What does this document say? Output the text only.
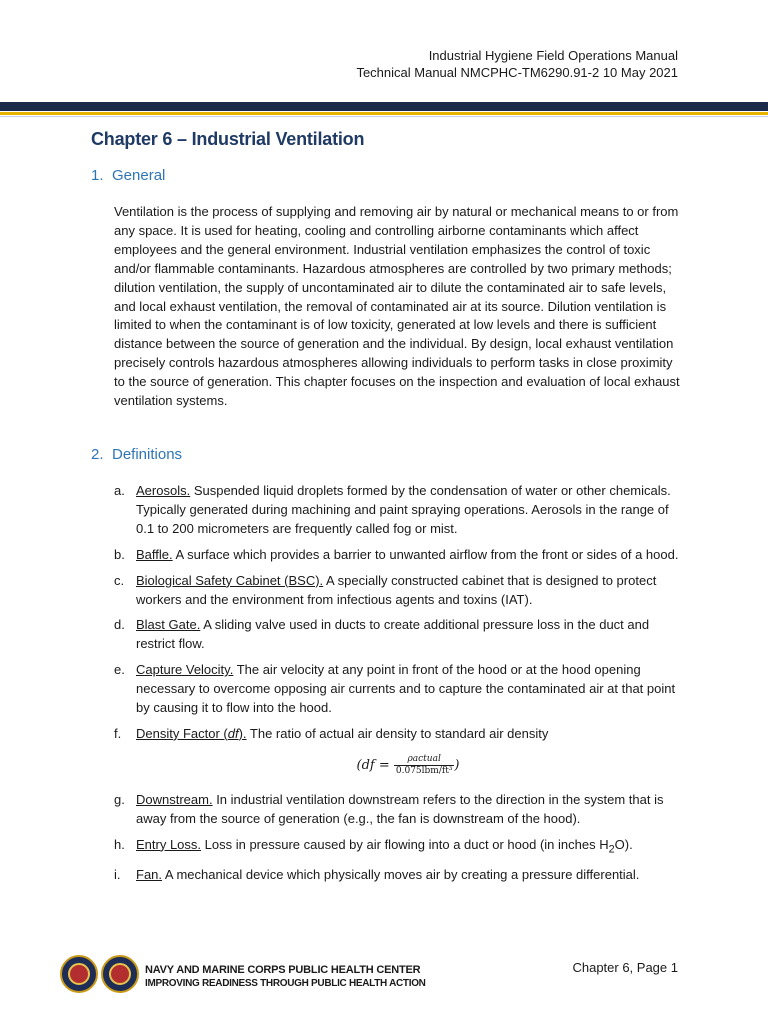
Industrial Hygiene Field Operations Manual
Technical Manual NMCPHC-TM6290.91-2 10 May 2021
Chapter 6 – Industrial Ventilation
1. General

Ventilation is the process of supplying and removing air by natural or mechanical means to or from any space. It is used for heating, cooling and controlling airborne contaminants which affect employees and the general environment. Industrial ventilation emphasizes the control of toxic and/or flammable contaminants. Hazardous atmospheres are controlled by two primary methods; dilution ventilation, the supply of uncontaminated air to dilute the contaminated air to safe levels, and local exhaust ventilation, the removal of contaminated air at its source. Dilution ventilation is limited to when the contaminant is of low toxicity, generated at low levels and there is sufficient distance between the source of generation and the individual. By design, local exhaust ventilation precisely controls hazardous atmospheres allowing individuals to perform tasks in close proximity to the source of generation. This chapter focuses on the inspection and evaluation of local exhaust ventilation systems.

2. Definitions
a. Aerosols. Suspended liquid droplets formed by the condensation of water or other chemicals. Typically generated during machining and paint spraying operations. Aerosols in the range of 0.1 to 200 micrometers are frequently called fog or mist.
b. Baffle. A surface which provides a barrier to unwanted airflow from the front or sides of a hood.
c. Biological Safety Cabinet (BSC). A specially constructed cabinet that is designed to protect workers and the environment from infectious agents and toxins (IAT).
d. Blast Gate. A sliding valve used in ducts to create additional pressure loss in the duct and restrict flow.
e. Capture Velocity. The air velocity at any point in front of the hood or at the hood opening necessary to overcome opposing air currents and to capture the contaminated air at that point by causing it to flow into the hood.
f. Density Factor (df). The ratio of actual air density to standard air density
($df = \frac{\text{ρactual}}{\text{0.075lbm/ft³}}$ )
g. Downstream. In industrial ventilation downstream refers to the direction in the system that is away from the source of generation (e.g., the fan is downstream of the hood).
h. Entry Loss. Loss in pressure caused by air flowing into a duct or hood (in inches $H_2O$).
i. Fan. A mechanical device which physically moves air by creating a pressure differential.
NAVY AND MARINE CORPS PUBLIC HEALTH CENTER
IMPROVING READINESS THROUGH PUBLIC HEALTH ACTION
Chapter 6, Page 1
